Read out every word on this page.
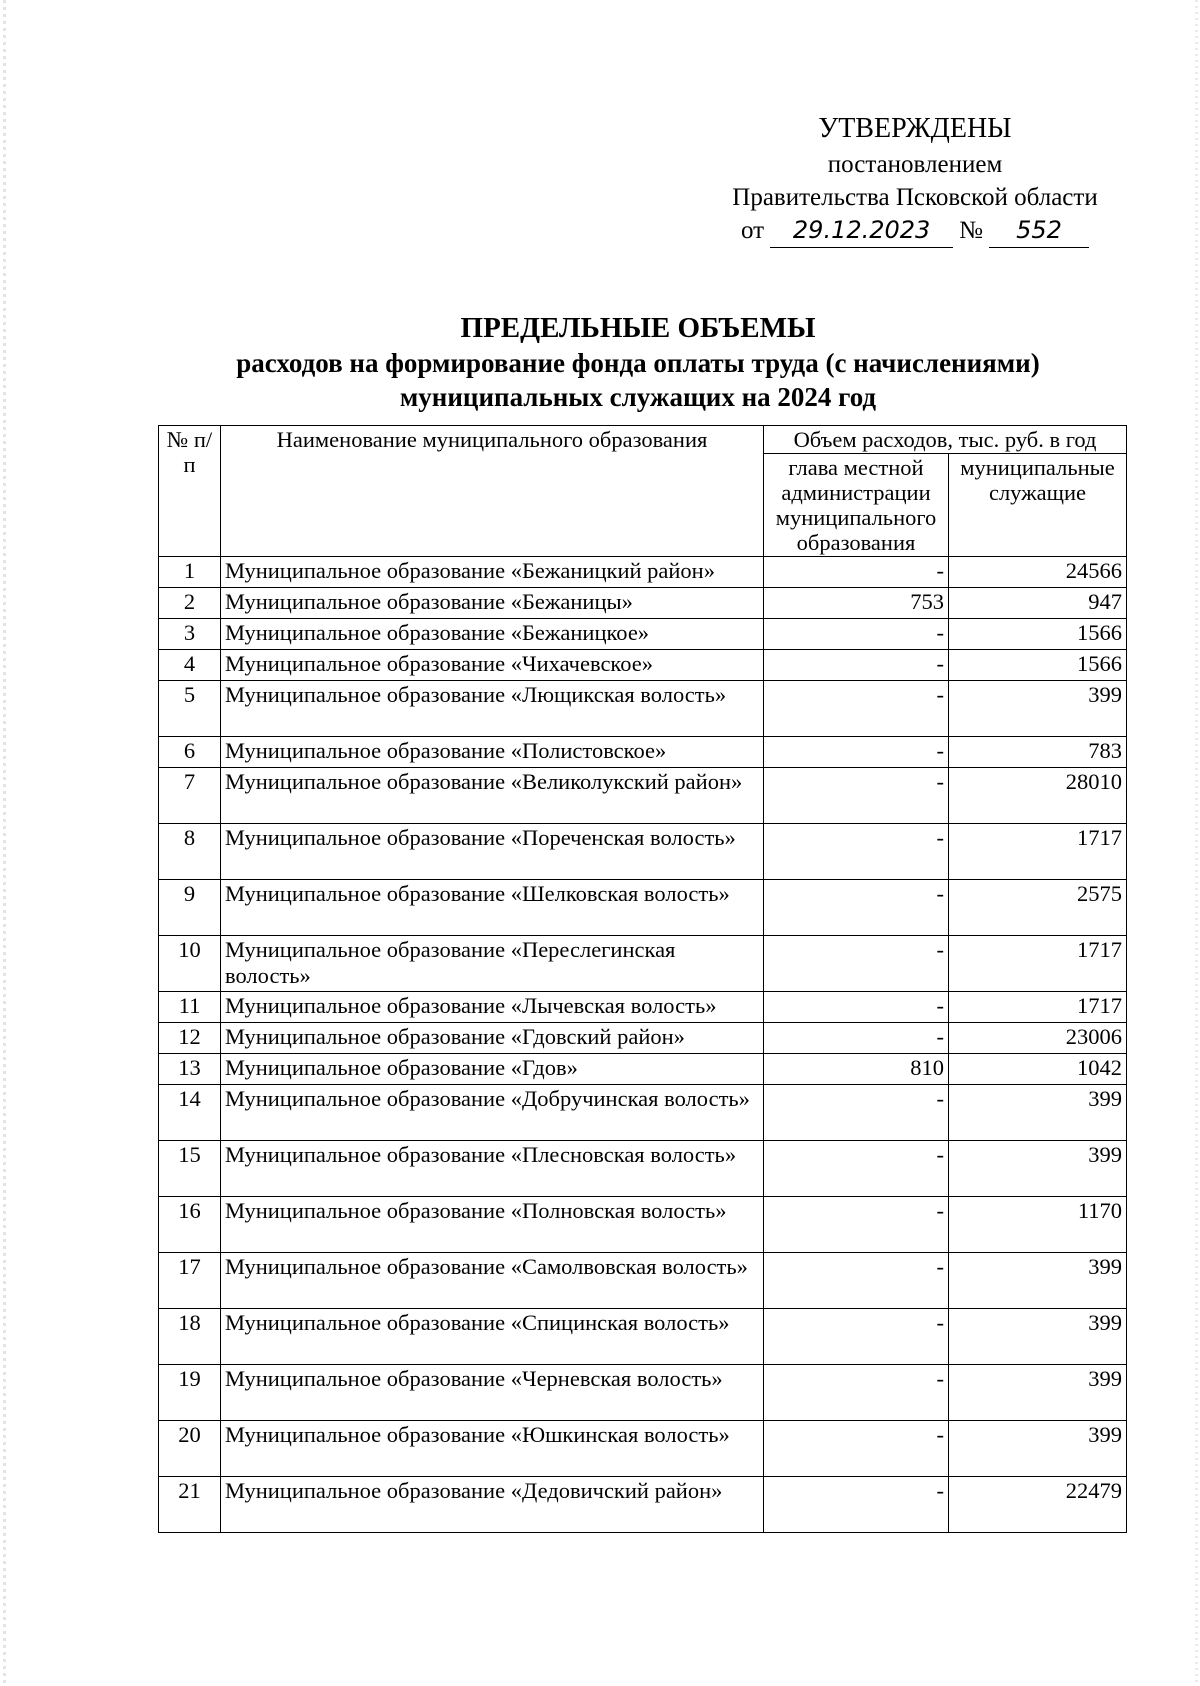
УТВЕРЖДЕНЫ
постановлением
Правительства Псковской области
от	29.12.2023	№	552
ПРЕДЕЛЬНЫЕ ОБЪЕМЫ
расходов на формирование фонда оплаты труда (с начислениями)
муниципальных служащих на 2024 год
№ п/п	Наименование муниципального образования	Объем расходов, тыс. руб. в год	
		глава местной администрации муниципального образования	муниципальные служащие
1	Муниципальное образование «Бежаницкий район»	-	24566
2	Муниципальное образование «Бежаницы»	753	947
3	Муниципальное образование «Бежаницкое»	-	1566
4	Муниципальное образование «Чихачевское»	-	1566
5	Муниципальное образование «Лющикская волость»	-	399
6	Муниципальное образование «Полистовское»	-	783
7	Муниципальное образование «Великолукский район»	-	28010
8	Муниципальное образование «Пореченская волость»	-	1717
9	Муниципальное образование «Шелковская волость»	-	2575
10	Муниципальное образование «Переслегинская волость»	-	1717
11	Муниципальное образование «Лычевская волость»	-	1717
12	Муниципальное образование «Гдовский район»	-	23006
13	Муниципальное образование «Гдов»	810	1042
14	Муниципальное образование «Добручинская волость»	-	399
15	Муниципальное образование «Плесновская волость»	-	399
16	Муниципальное образование «Полновская волость»	-	1170
17	Муниципальное образование «Самолвовская волость»	-	399
18	Муниципальное образование «Спицинская волость»	-	399
19	Муниципальное образование «Черневская волость»	-	399
20	Муниципальное образование «Юшкинская волость»	-	399
21	Муниципальное образование «Дедовичский район»	-	22479
